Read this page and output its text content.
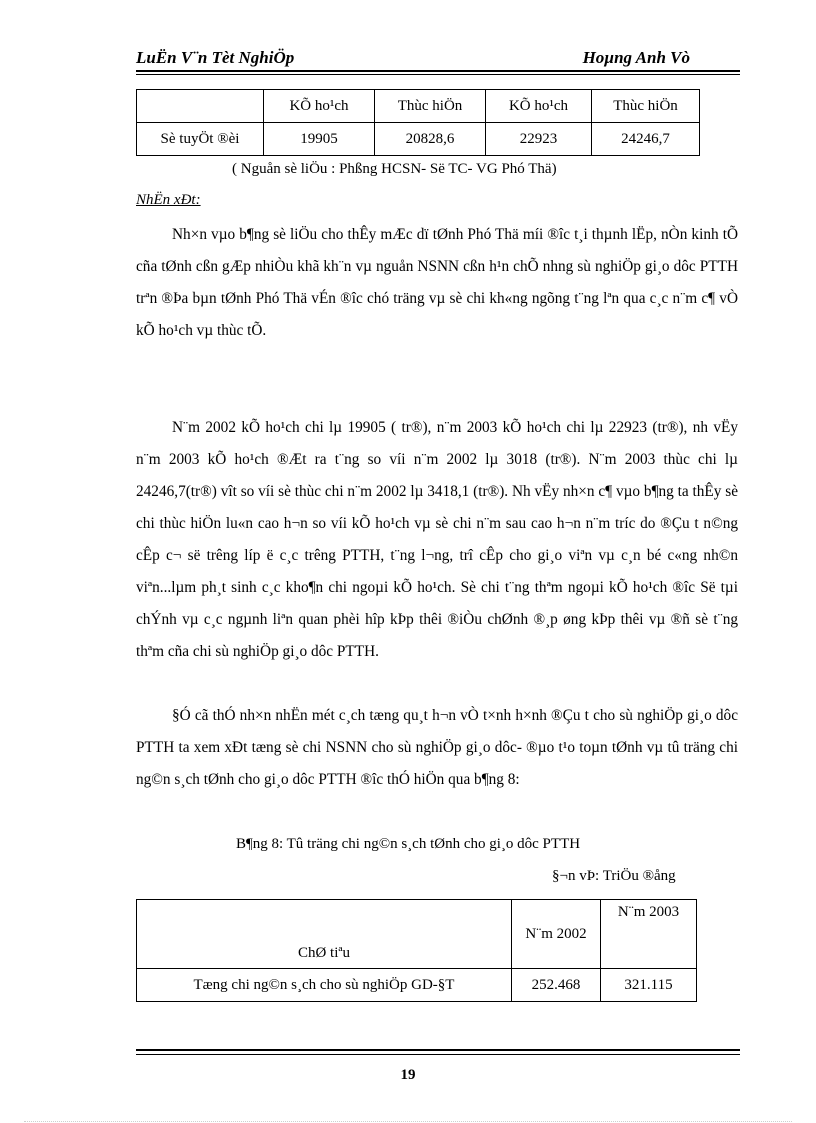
LuËn V¨n Tèt NghiÖp	Hoµng Anh Vò
	KÕ ho¹ch	Thùc hiÖn	KÕ ho¹ch	Thùc hiÖn
Sè tuyÖt ®èi	19905	20828,6	22923	24246,7
( Nguån sè liÖu : Phßng HCSN- Së TC- VG Phó Thä)
NhËn xÐt:

Nh×n vµo b¶ng sè liÖu cho thÊy mÆc dï tØnh Phó Thä míi ®îc t¸i thµnh lËp, nÒn kinh tÕ cña tØnh cßn gÆp nhiÒu khã kh¨n vµ nguån NSNN cßn h¹n chÕ nhng sù nghiÖp gi¸o dôc PTTH trªn ®Þa bµn tØnh Phó Thä vÉn ®îc chó träng vµ sè chi kh«ng ngõng t¨ng lªn qua c¸c n¨m c¶ vÒ kÕ ho¹ch vµ thùc tÕ.

N¨m 2002 kÕ ho¹ch chi lµ 19905 ( tr®), n¨m 2003 kÕ ho¹ch chi lµ 22923 (tr®), nh vËy n¨m 2003 kÕ ho¹ch ®Æt ra t¨ng so víi n¨m 2002 lµ 3018 (tr®). N¨m 2003 thùc chi lµ 24246,7(tr®) vît so víi sè thùc chi n¨m 2002 lµ 3418,1 (tr®). Nh vËy nh×n c¶ vµo b¶ng ta thÊy sè chi thùc hiÖn lu«n cao h¬n so víi kÕ ho¹ch vµ sè chi n¨m sau cao h¬n n¨m tríc do ®Çu t n©ng cÊp c¬ së trêng líp ë c¸c trêng PTTH, t¨ng l¬ng, trî cÊp cho gi¸o viªn vµ c¸n bé c«ng nh©n viªn...lµm ph¸t sinh c¸c kho¶n chi ngoµi kÕ ho¹ch. Sè chi t¨ng thªm ngoµi kÕ ho¹ch ®îc Së tµi chÝnh vµ c¸c ngµnh liªn quan phèi hîp kÞp thêi ®iÒu chØnh ®¸p øng kÞp thêi vµ ®ñ sè t¨ng thªm cña chi sù nghiÖp gi¸o dôc PTTH.

§Ó cã thÓ nh×n nhËn mét c¸ch tæng qu¸t h¬n vÒ t×nh h×nh ®Çu t cho sù nghiÖp gi¸o dôc PTTH ta xem xÐt tæng sè chi NSNN cho sù nghiÖp gi¸o dôc- ®µo t¹o toµn tØnh vµ tû träng chi ng©n s¸ch tØnh cho gi¸o dôc PTTH ®îc thÓ hiÖn qua b¶ng 8:

B¶ng 8: Tû träng chi ng©n s¸ch tØnh cho gi¸o dôc PTTH
§¬n vÞ: TriÖu ®ång
ChØ tiªu	N¨m 2002	N¨m 2003
Tæng chi ng©n s¸ch cho sù nghiÖp GD-§T	252.468	321.115
19
